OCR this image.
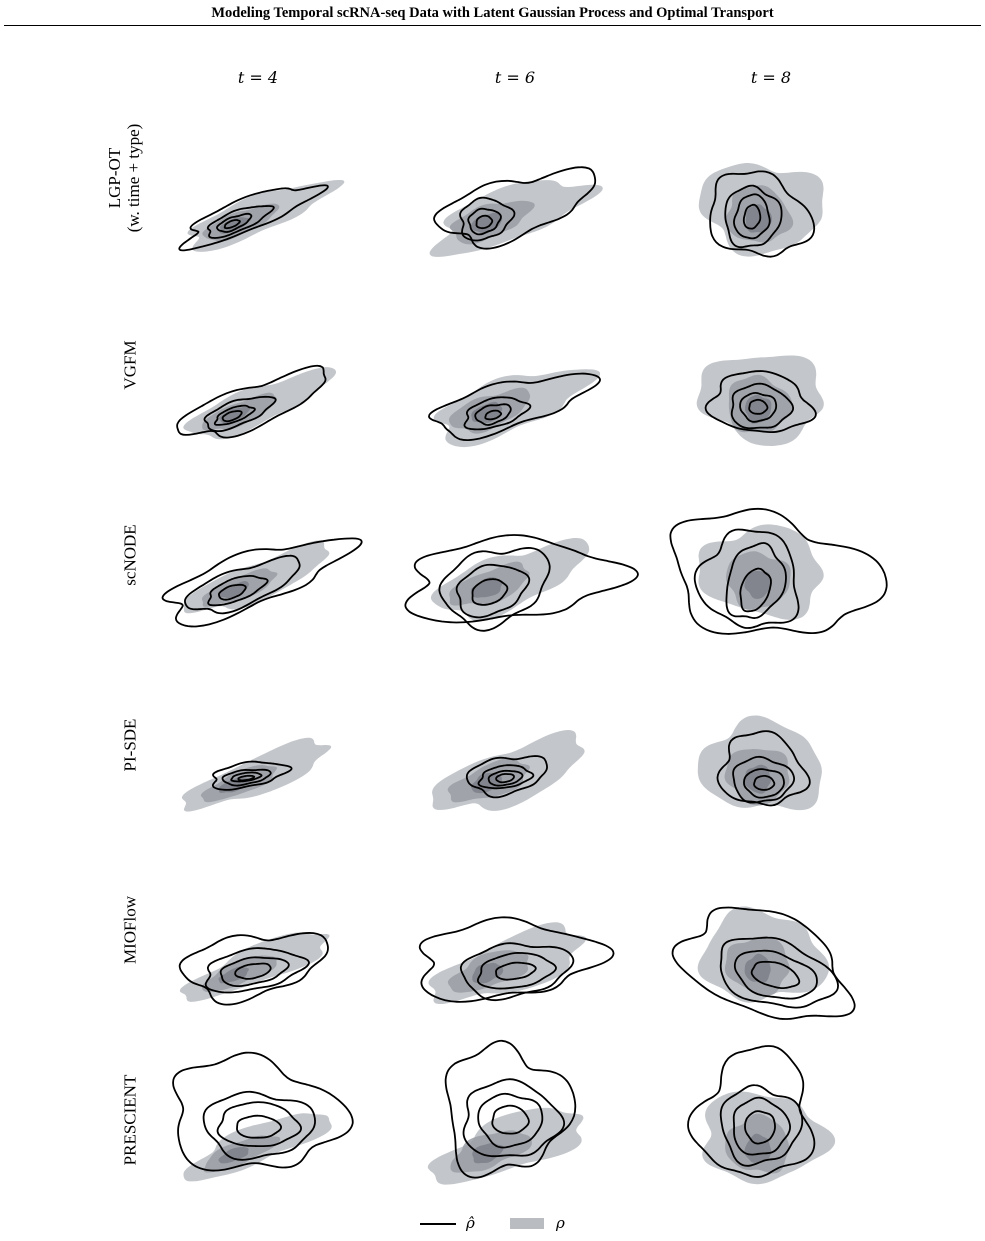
Modeling Temporal scRNA-seq Data with Latent Gaussian Process and Optimal Transport
t = 4	t = 6	t = 8
LGP-OT (w. time + type)
VGFM
scNODE
PI-SDE
MIOFlow
PRESCIENT
ρ̂	ρ
